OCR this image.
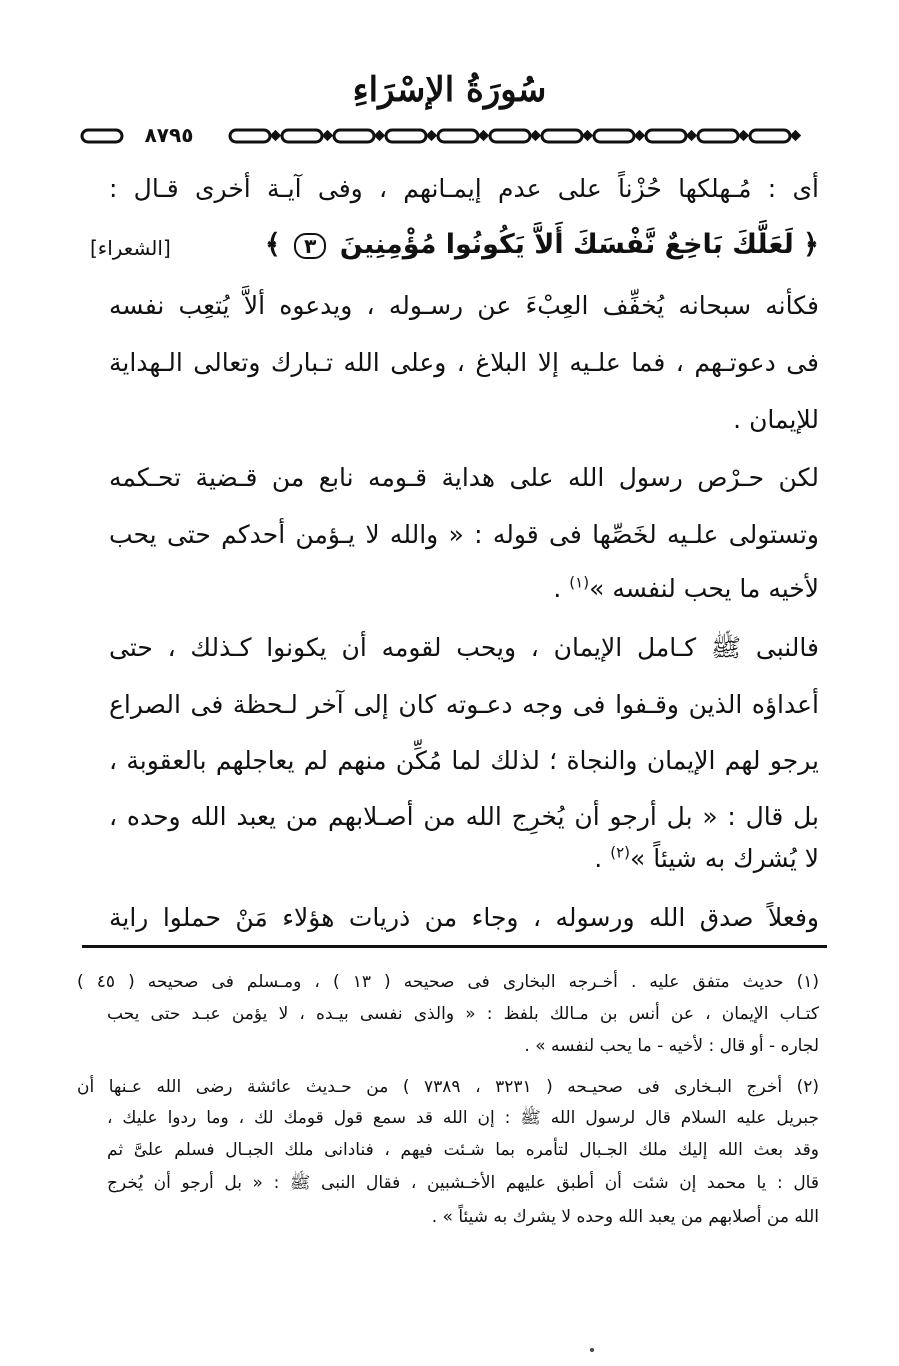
سُورَةُ الإسْرَاءِ
٨٧٩٥
أى : مُـهلكها حُزْناً على عدم إيمـانهم ، وفى آيـة أخرى قـال :
﴿ لَعَلَّكَ بَاخِعٌ نَّفْسَكَ أَلاَّ يَكُونُوا مُؤْمِنِينَ ٣ ﴾
[الشعراء]
فكأنه سبحانه يُخفِّف العِبْءَ عن رسـوله ، ويدعوه ألاَّ يُتعِب نفسه
فى دعوتـهم ، فما علـيه إلا البلاغ ، وعلى الله تـبارك وتعالى الـهداية
للإيمان .
لكن حـرْص رسول الله على هداية قـومه نابع من قـضية تحـكمه
وتستولى علـيه لخَصِّها فى قوله : « والله لا يـؤمن أحدكم حتى يحب
لأخيه ما يحب لنفسه »$^{(١)}$ .
فالنبى ﷺ كـامل الإيمان ، ويحب لقومه أن يكونوا كـذلك ، حتى
أعداؤه الذين وقـفوا فى وجه دعـوته كان إلى آخر لـحظة فى الصراع
يرجو لهم الإيمان والنجاة ؛ لذلك لما مُكِّن منهم لم يعاجلهم بالعقوبة ،
بل قال : « بل أرجو أن يُخرِج الله من أصـلابهم من يعبد الله وحده ،
لا يُشرك به شيئاً »$^{(٢)}$ .
وفعلاً صدق الله ورسوله ، وجاء من ذريات هؤلاء مَنْ حملوا راية
(١) حديث متفق عليه . أخـرجه البخارى فى صحيحه ( ١٣ ) ، ومـسلم فى صحيحه ( ٤٥ )
كتـاب الإيمان ، عن أنس بن مـالك بلفظ : « والذى نفسى بيـده ، لا يؤمن عبـد حتى يحب
لجاره - أو قال : لأخيه - ما يحب لنفسه » .
(٢) أخرج البـخارى فى صحيـحه ( ٣٢٣١ ، ٧٣٨٩ ) من حـديث عائشة رضى الله عـنها أن
جبريل عليه السلام قال لرسول الله ﷺ : إن الله قد سمع قول قومك لك ، وما ردوا عليك ،
وقد بعث الله إليك ملك الجـبال لتأمره بما شـئت فيهم ، فنادانى ملك الجبـال فسلم علىَّ ثم
قال : يا محمد إن شئت أن أطبق عليهم الأخـشبين ، فقال النبى ﷺ : « بل أرجو أن يُخرج
الله من أصلابهم من يعبد الله وحده لا يشرك به شيئاً » .
